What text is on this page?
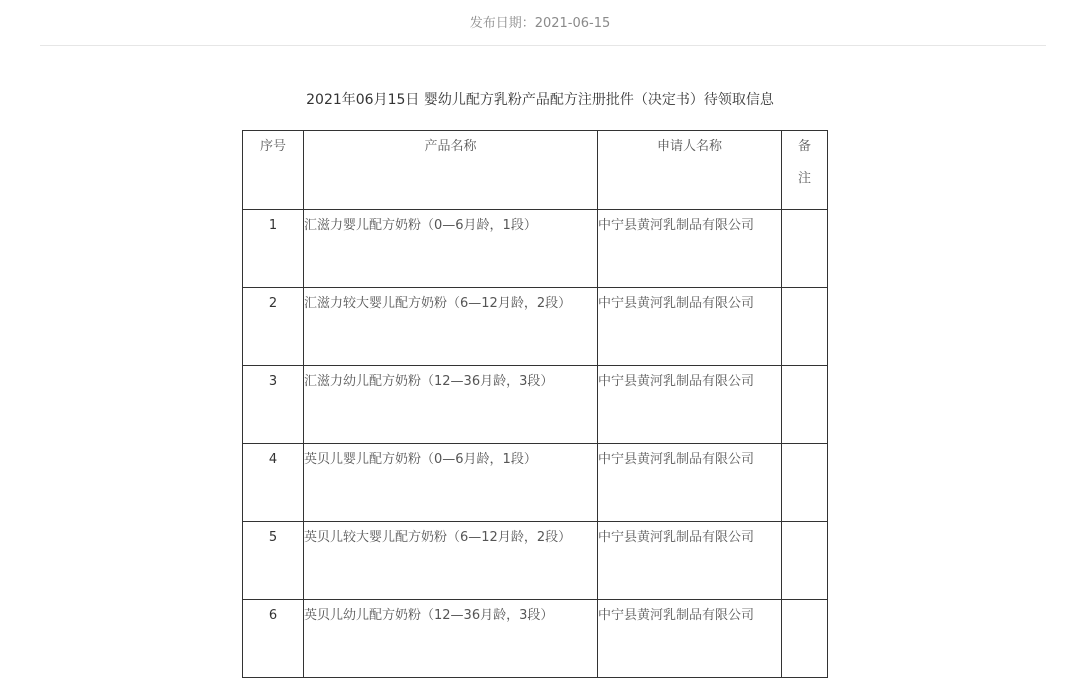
发布日期：2021-06-15
2021年06月15日 婴幼儿配方乳粉产品配方注册批件（决定书）待领取信息
序号	产品名称	申请人名称	备注

1	汇滋力婴儿配方奶粉（0—6月龄，1段）	中宁县黄河乳制品有限公司	
2	汇滋力较大婴儿配方奶粉（6—12月龄，2段）	中宁县黄河乳制品有限公司	
3	汇滋力幼儿配方奶粉（12—36月龄，3段）	中宁县黄河乳制品有限公司	
4	英贝儿婴儿配方奶粉（0—6月龄，1段）	中宁县黄河乳制品有限公司	
5	英贝儿较大婴儿配方奶粉（6—12月龄，2段）	中宁县黄河乳制品有限公司	
6	英贝儿幼儿配方奶粉（12—36月龄，3段）	中宁县黄河乳制品有限公司	
